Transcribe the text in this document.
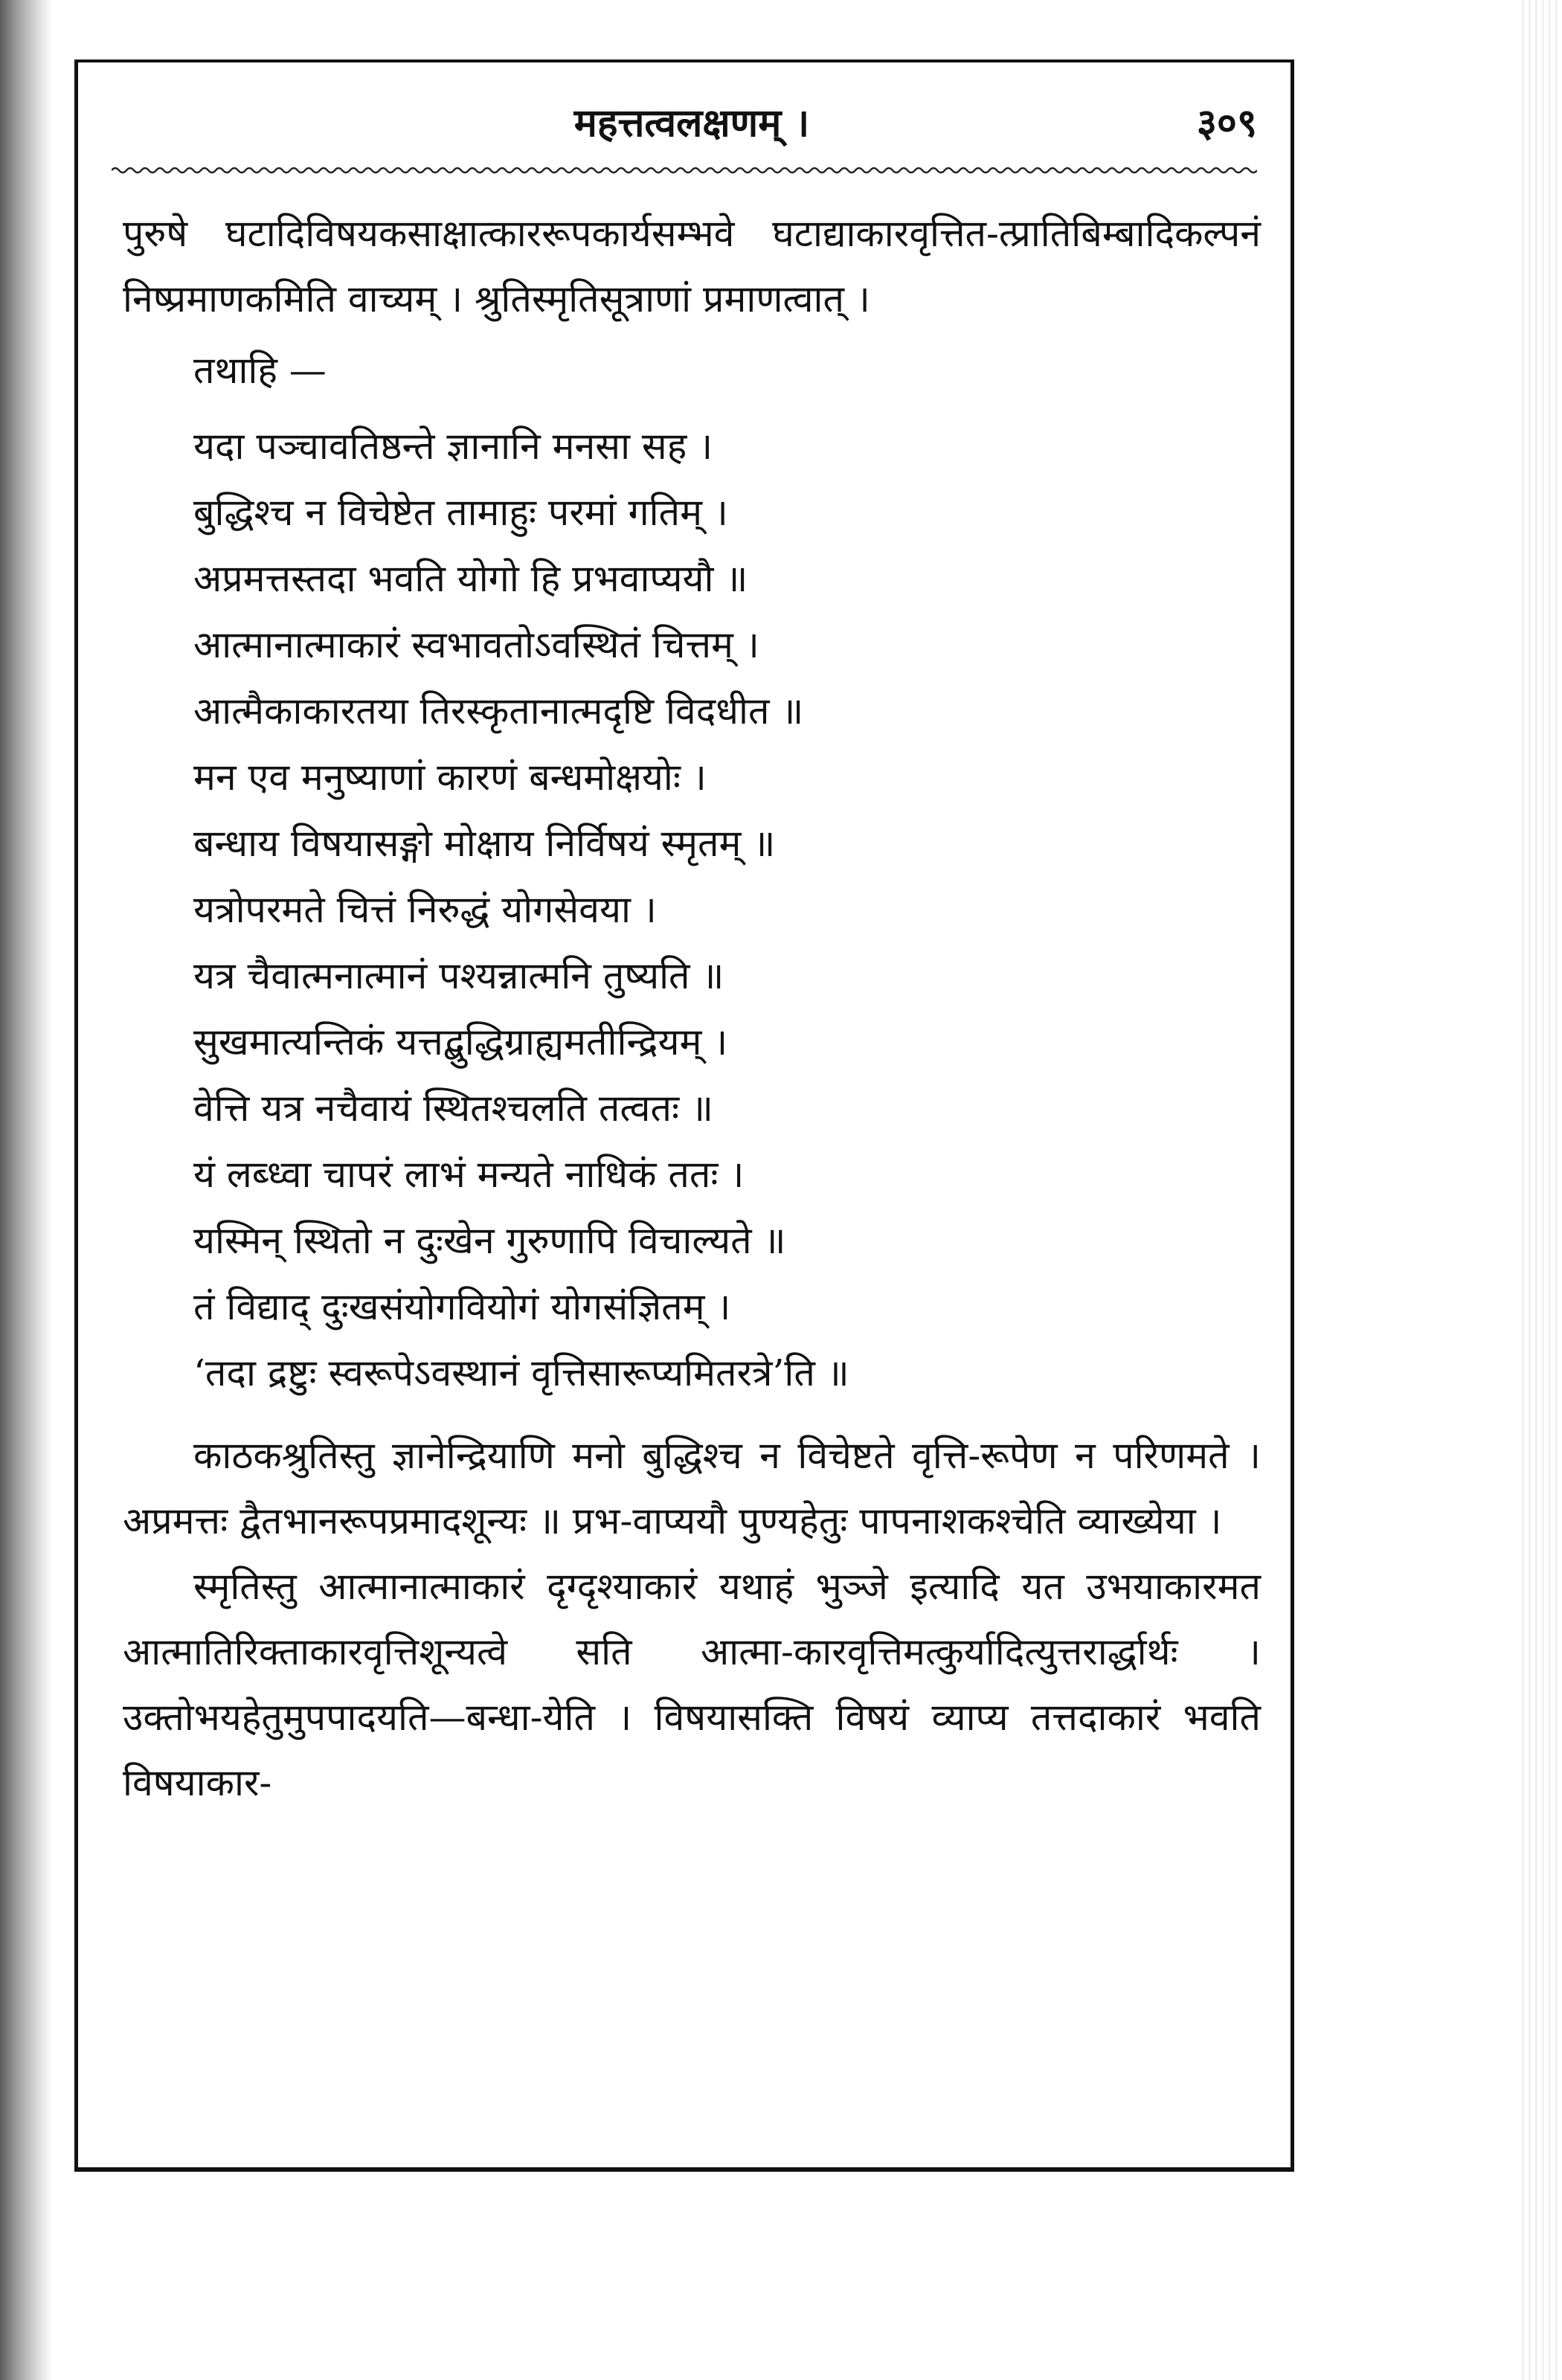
महत्तत्वलक्षणम् ।	३०९

पुरुषे घटादिविषयकसाक्षात्काररूपकार्यसम्भवे घटाद्याकारवृत्तित-त्प्रातिबिम्बादिकल्पनं निष्प्रमाणकमिति वाच्यम् । श्रुतिस्मृतिसूत्राणां प्रमाणत्वात् ।

तथाहि —
यदा पञ्चावतिष्ठन्ते ज्ञानानि मनसा सह ।
बुद्धिश्च न विचेष्टेत तामाहुः परमां गतिम् ।
अप्रमत्तस्तदा भवति योगो हि प्रभवाप्ययौ ॥
आत्मानात्माकारं स्वभावतोऽवस्थितं चित्तम् ।
आत्मैकाकारतया तिरस्कृतानात्मदृष्टि विदधीत ॥
मन एव मनुष्याणां कारणं बन्धमोक्षयोः ।
बन्धाय विषयासङ्गो मोक्षाय निर्विषयं स्मृतम् ॥
यत्रोपरमते चित्तं निरुद्धं योगसेवया ।
यत्र चैवात्मनात्मानं पश्यन्नात्मनि तुष्यति ॥
सुखमात्यन्तिकं यत्तद्बुद्धिग्राह्यमतीन्द्रियम् ।
वेत्ति यत्र नचैवायं स्थितश्चलति तत्वतः ॥
यं लब्ध्वा चापरं लाभं मन्यते नाधिकं ततः ।
यस्मिन् स्थितो न दुःखेन गुरुणापि विचाल्यते ॥
तं विद्याद् दुःखसंयोगवियोगं योगसंज्ञितम् ।
‘तदा द्रष्टुः स्वरूपेऽवस्थानं वृत्तिसारूप्यमितरत्रे’ति ॥

काठकश्रुतिस्तु ज्ञानेन्द्रियाणि मनो बुद्धिश्च न विचेष्टते वृत्ति-रूपेण न परिणमते । अप्रमत्तः द्वैतभानरूपप्रमादशून्यः ॥ प्रभ-वाप्ययौ पुण्यहेतुः पापनाशकश्चेति व्याख्येया ।

स्मृतिस्तु आत्मानात्माकारं दृग्दृश्याकारं यथाहं भुञ्जे इत्यादि यत उभयाकारमत आत्मातिरिक्ताकारवृत्तिशून्यत्वे सति आत्मा-कारवृत्तिमत्कुर्यादित्युत्तरार्द्धार्थः । उक्तोभयहेतुमुपपादयति—बन्धा-येति । विषयासक्ति विषयं व्याप्य तत्तदाकारं भवति विषयाकार-
